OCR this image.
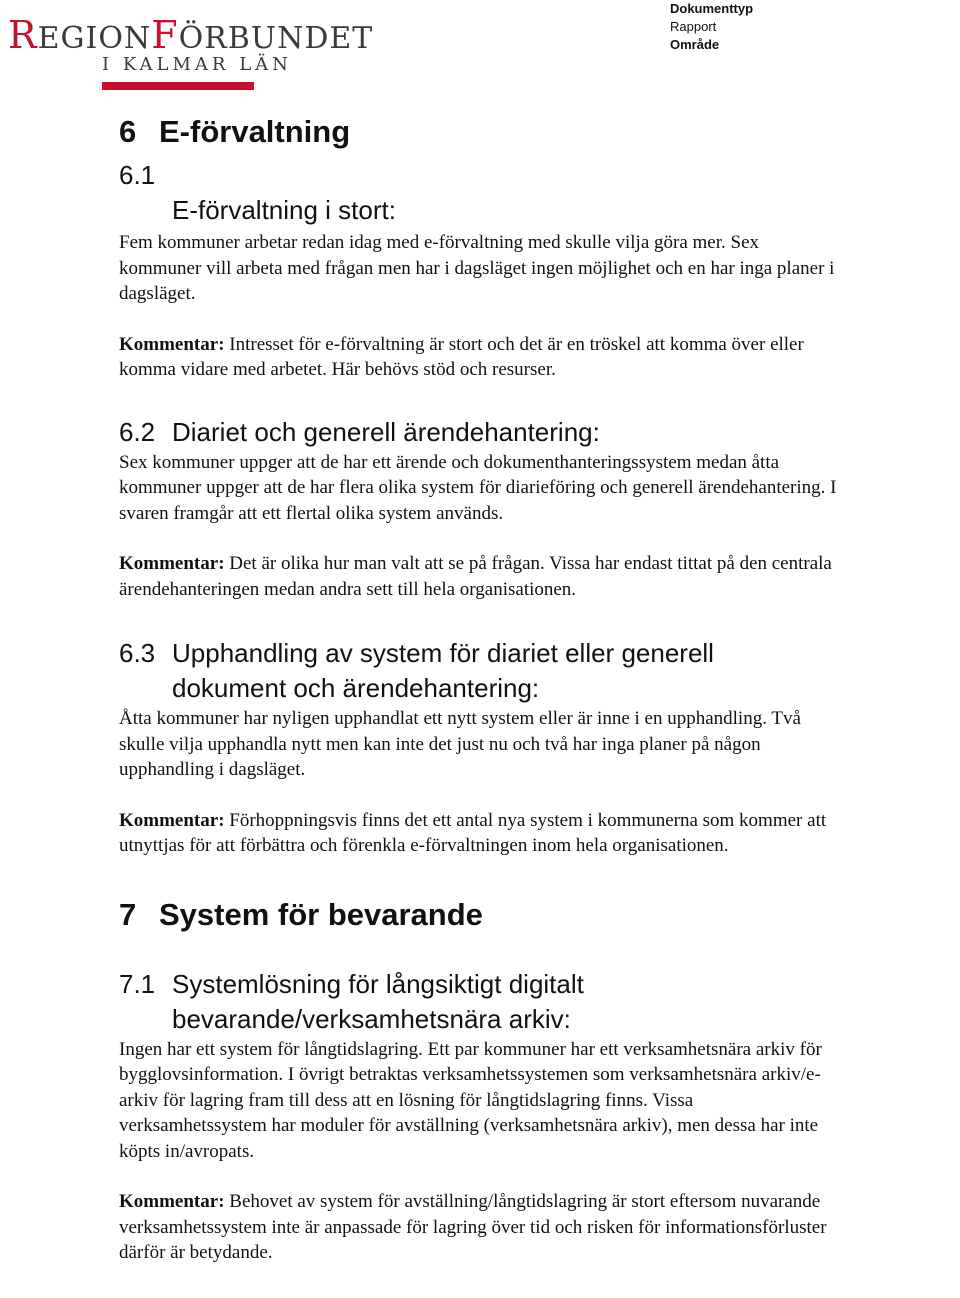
REGIONFÖRBUNDET
I KALMAR LÄN
Dokumenttyp
Rapport
Område
6 E-förvaltning
6.1
E-förvaltning i stort:

Fem kommuner arbetar redan idag med e-förvaltning med skulle vilja göra mer. Sex

kommuner vill arbeta med frågan men har i dagsläget ingen möjlighet och en har inga planer i

dagsläget.

Kommentar: Intresset för e-förvaltning är stort och det är en tröskel att komma över eller

komma vidare med arbetet. Här behövs stöd och resurser.

6.2 Diariet och generell ärendehantering:

Sex kommuner uppger att de har ett ärende och dokumenthanteringssystem medan åtta

kommuner uppger att de har flera olika system för diarieföring och generell ärendehantering. I

svaren framgår att ett flertal olika system används.

Kommentar: Det är olika hur man valt att se på frågan. Vissa har endast tittat på den centrala

ärendehanteringen medan andra sett till hela organisationen.

6.3 Upphandling av system för diariet eller generell
dokument och ärendehantering:

Åtta kommuner har nyligen upphandlat ett nytt system eller är inne i en upphandling. Två

skulle vilja upphandla nytt men kan inte det just nu och två har inga planer på någon

upphandling i dagsläget.

Kommentar: Förhoppningsvis finns det ett antal nya system i kommunerna som kommer att

utnyttjas för att förbättra och förenkla e-förvaltningen inom hela organisationen.

7 System för bevarande
7.1 Systemlösning för långsiktigt digitalt
bevarande/verksamhetsnära arkiv:

Ingen har ett system för långtidslagring. Ett par kommuner har ett verksamhetsnära arkiv för

bygglovsinformation. I övrigt betraktas verksamhetssystemen som verksamhetsnära arkiv/e-

arkiv för lagring fram till dess att en lösning för långtidslagring finns. Vissa

verksamhetssystem har moduler för avställning (verksamhetsnära arkiv), men dessa har inte

köpts in/avropats.

Kommentar: Behovet av system för avställning/långtidslagring är stort eftersom nuvarande

verksamhetssystem inte är anpassade för lagring över tid och risken för informationsförluster

därför är betydande.
